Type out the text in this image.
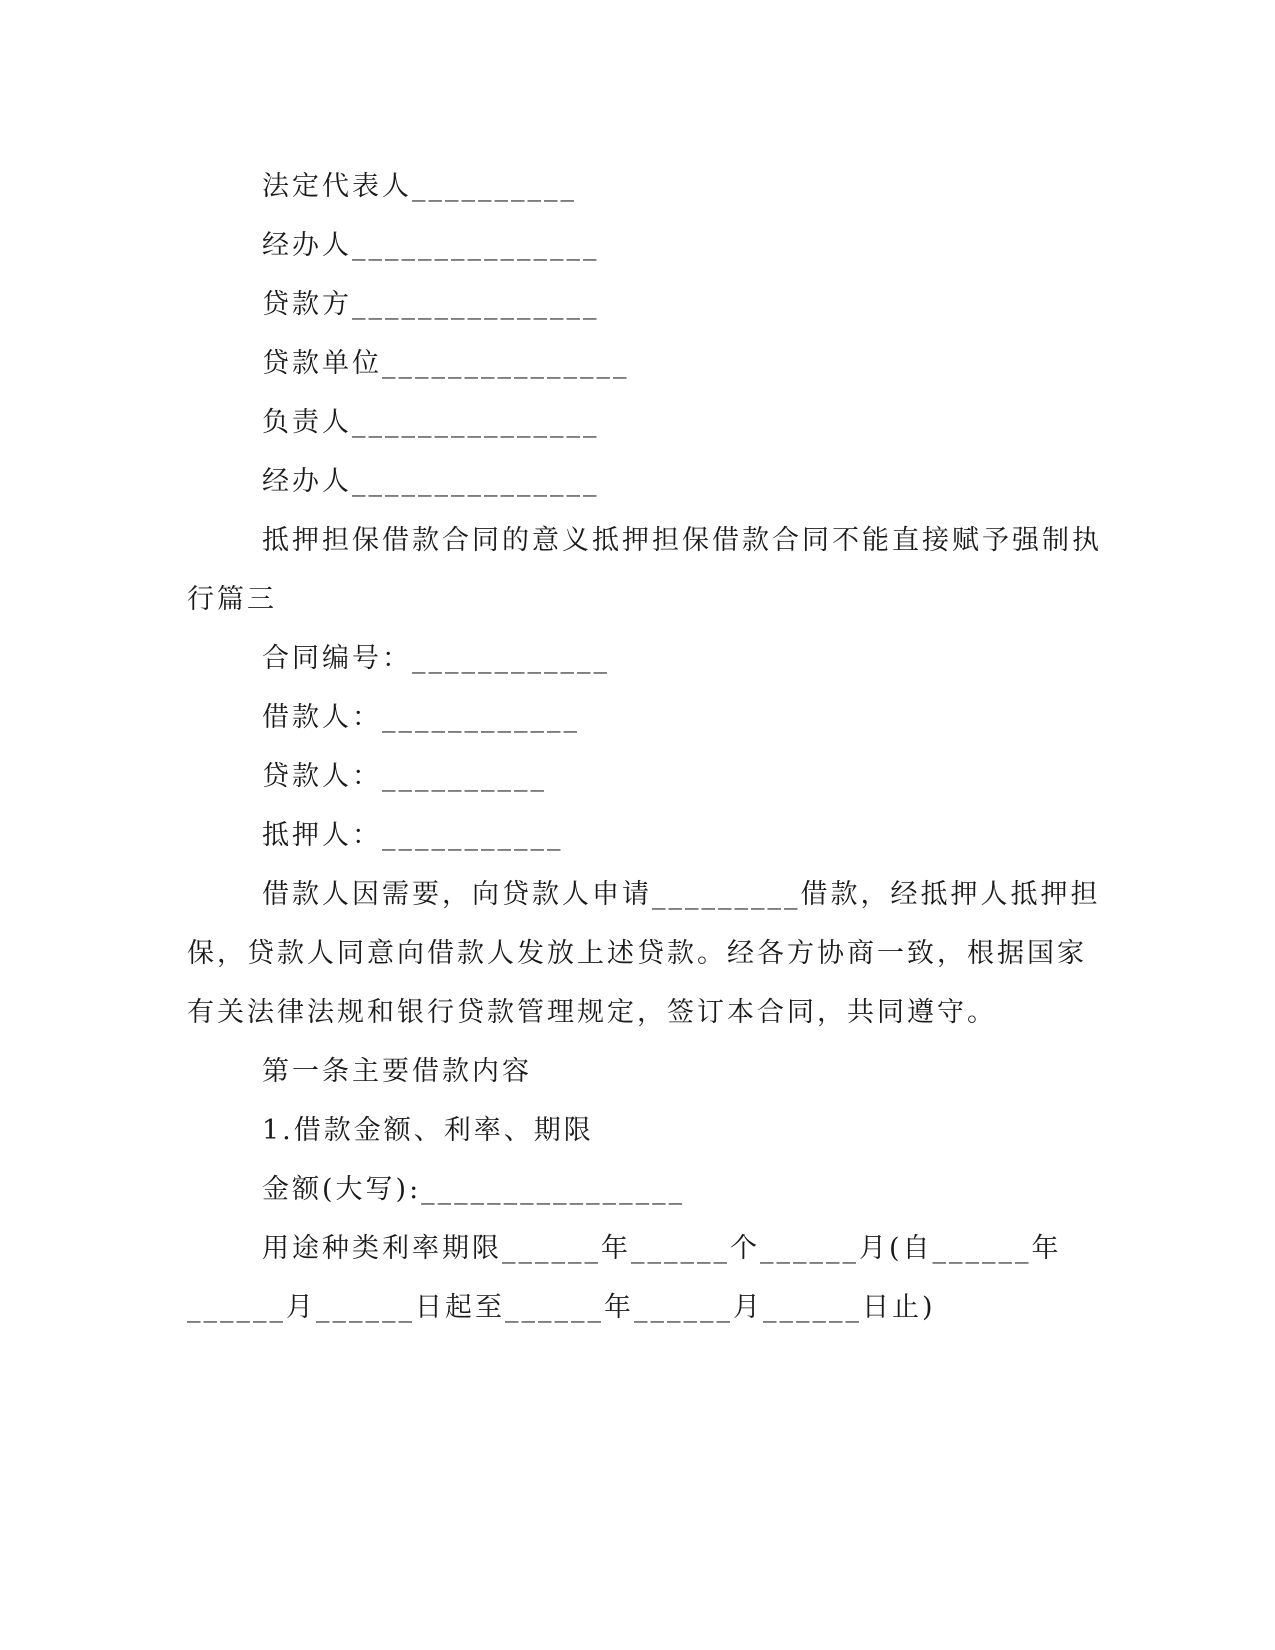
法定代表人__________
经办人_______________
贷款方_______________
贷款单位_______________
负责人_______________
经办人_______________
抵押担保借款合同的意义抵押担保借款合同不能直接赋予强制执
行篇三
合同编号：____________
借款人：____________
贷款人：__________
抵押人：___________
借款人因需要，向贷款人申请_________借款，经抵押人抵押担
保，贷款人同意向借款人发放上述贷款。经各方协商一致，根据国家
有关法律法规和银行贷款管理规定，签订本合同，共同遵守。
第一条主要借款内容
1.借款金额、利率、期限
金额(大写):________________
用途种类利率期限______年______个______月(自______年
______月______日起至______年______月______日止)
